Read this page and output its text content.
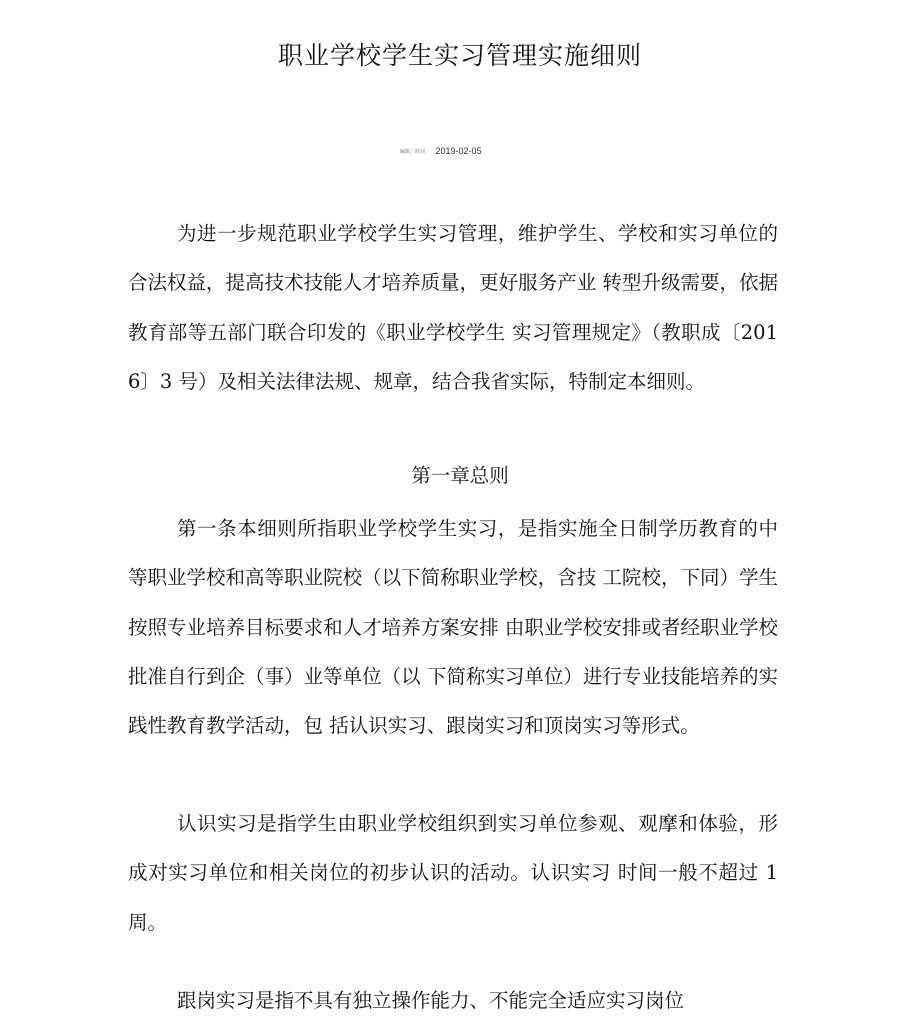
职业学校学生实习管理实施细则
编辑：时间 2019-02-05

为进一步规范职业学校学生实习管理，维护学生、学校和实习单位的合法权益，提高技术技能人才培养质量，更好服务产业 转型升级需要，依据教育部等五部门联合印发的《职业学校学生 实习管理规定》（教职成〔2016〕3 号）及相关法律法规、规章，结合我省实际，特制定本细则。

第一章总则

第一条本细则所指职业学校学生实习，是指实施全日制学历教育的中等职业学校和高等职业院校（以下简称职业学校，含技 工院校，下同）学生按照专业培养目标要求和人才培养方案安排 由职业学校安排或者经职业学校批准自行到企（事）业等单位（以 下简称实习单位）进行专业技能培养的实践性教育教学活动，包 括认识实习、跟岗实习和顶岗实习等形式。

认识实习是指学生由职业学校组织到实习单位参观、观摩和体验，形成对实习单位和相关岗位的初步认识的活动。认识实习 时间一般不超过 1 周。

跟岗实习是指不具有独立操作能力、不能完全适应实习岗位
